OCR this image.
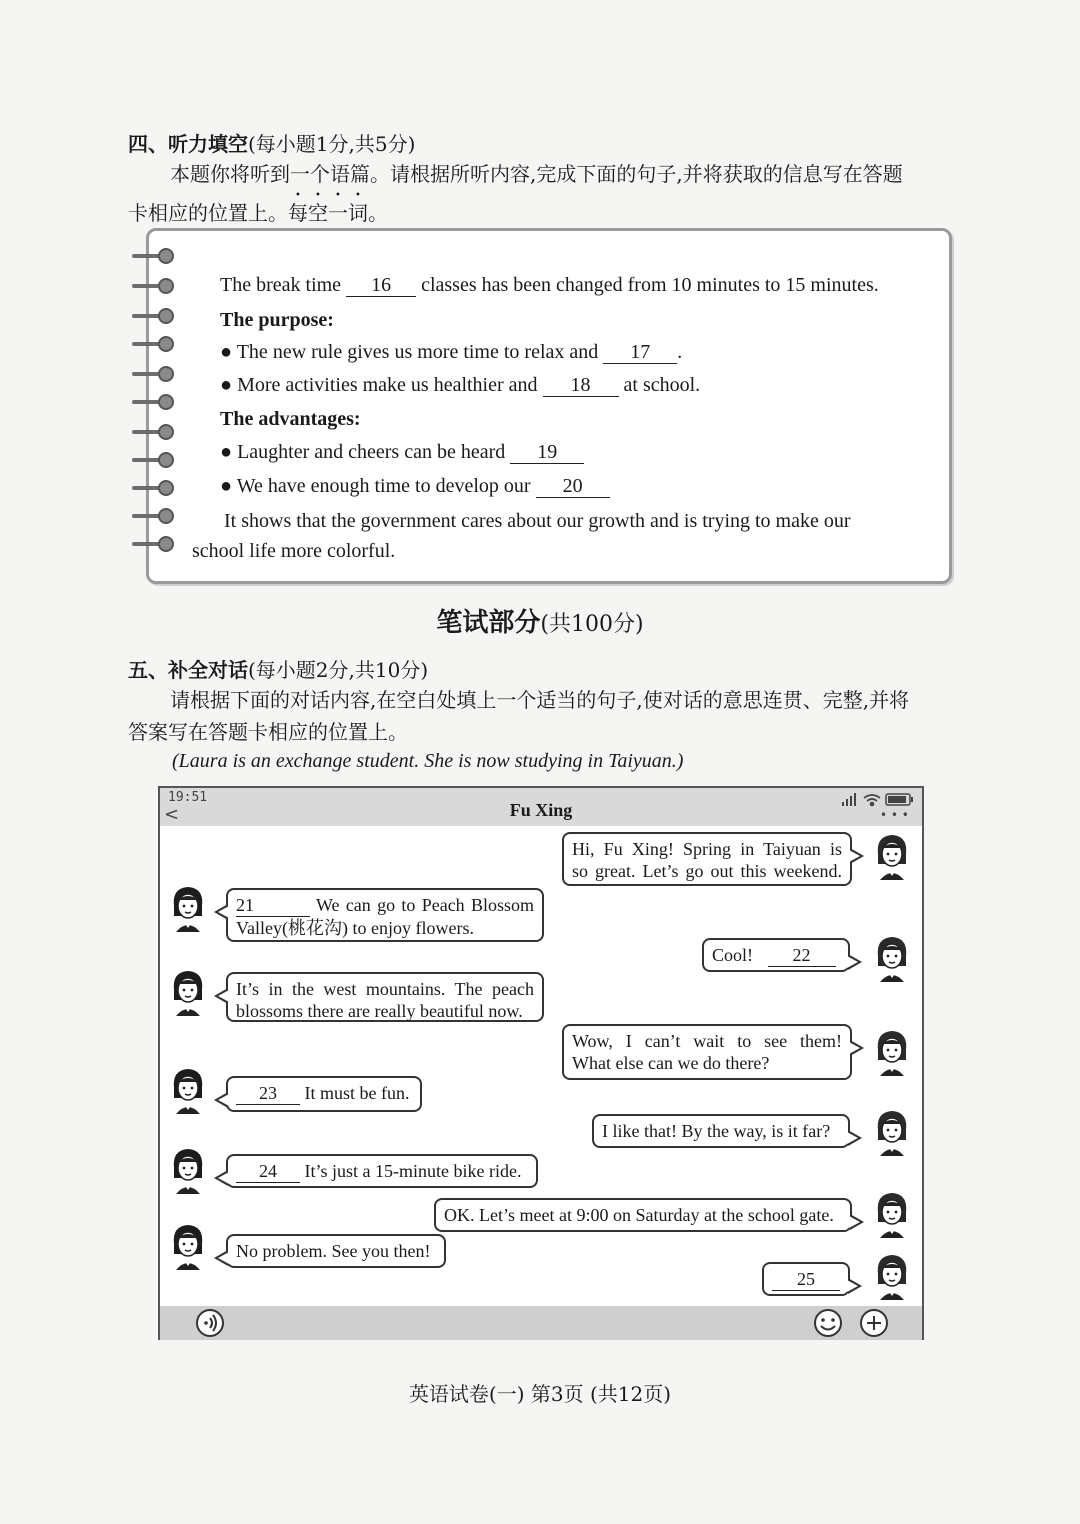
四、听力填空(每小题1分,共5分)
本题你将听到一个语篇。请根据所听内容,完成下面的句子,并将获取的信息写在答题
卡相应的位置上。每空一词。
The break time 16 classes has been changed from 10 minutes to 15 minutes.
The purpose:
● The new rule gives us more time to relax and 17 .
● More activities make us healthier and 18 at school.
The advantages:
● Laughter and cheers can be heard 19
● We have enough time to develop our 20
It shows that the government cares about our growth and is trying to make our
school life more colorful.
笔试部分(共100分)
五、补全对话(每小题2分,共10分)
请根据下面的对话内容,在空白处填上一个适当的句子,使对话的意思连贯、完整,并将
答案写在答题卡相应的位置上。
(Laura is an exchange student. She is now studying in Taiyuan.)
19:51
<	Fu Xing	• • •
Hi, Fu Xing! Spring in Taiyuan is
so great. Let’s go out this weekend.
21	We can go to Peach Blossom
Valley(桃花沟) to enjoy flowers.
Cool! 22
It’s in the west mountains. The peach
blossoms there are really beautiful now.
Wow, I can’t wait to see them!
What else can we do there?
23 It must be fun.
I like that! By the way, is it far?
24 It’s just a 15-minute bike ride.
OK. Let’s meet at 9:00 on Saturday at the school gate.
No problem. See you then!
25
英语试卷(一) 第3页 (共12页)
